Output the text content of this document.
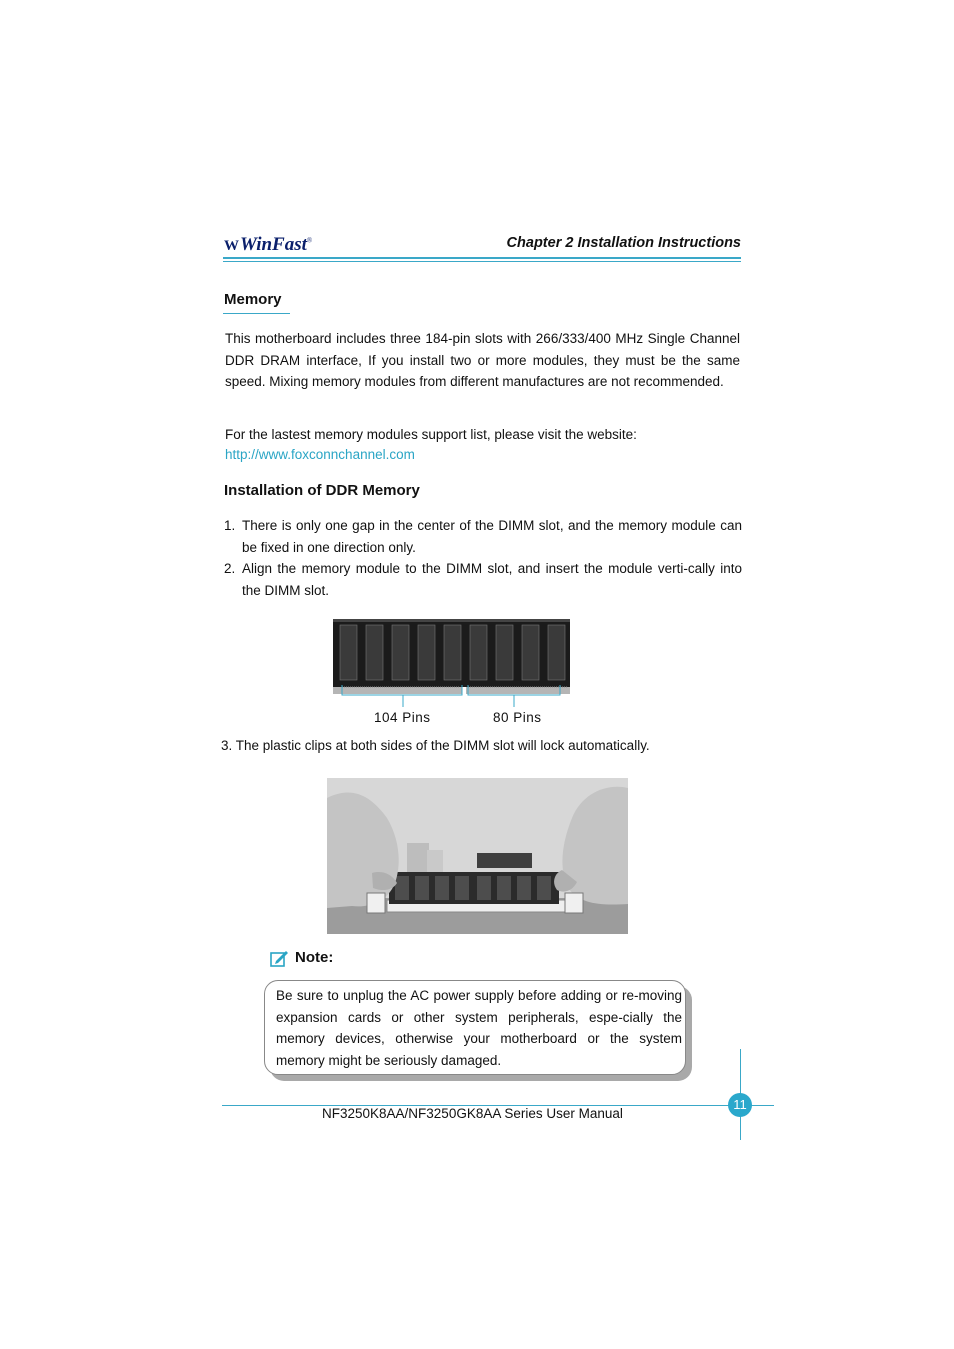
WWinFast®	Chapter 2 Installation Instructions
Memory
This motherboard includes three 184-pin slots with 266/333/400 MHz Single Channel DDR DRAM interface, If you install two or more modules, they must be the same speed. Mixing memory modules from different manufactures are not recommended.
For the lastest memory modules support list, please visit the website:
http://www.foxconnchannel.com
Installation of DDR Memory
1. There is only one gap in the center of the DIMM slot, and the memory module can be fixed in one direction only.
2. Align the memory module to the DIMM slot, and insert the module verti-cally into the DIMM slot.
104 Pins	80 Pins
3. The plastic clips at both sides of the DIMM slot will lock automatically.
Note:
Be sure to unplug the AC power supply before adding or re-moving expansion cards or other system peripherals, espe-cially the memory devices, otherwise your motherboard or the system memory might be seriously damaged.
NF3250K8AA/NF3250GK8AA Series User Manual
11
